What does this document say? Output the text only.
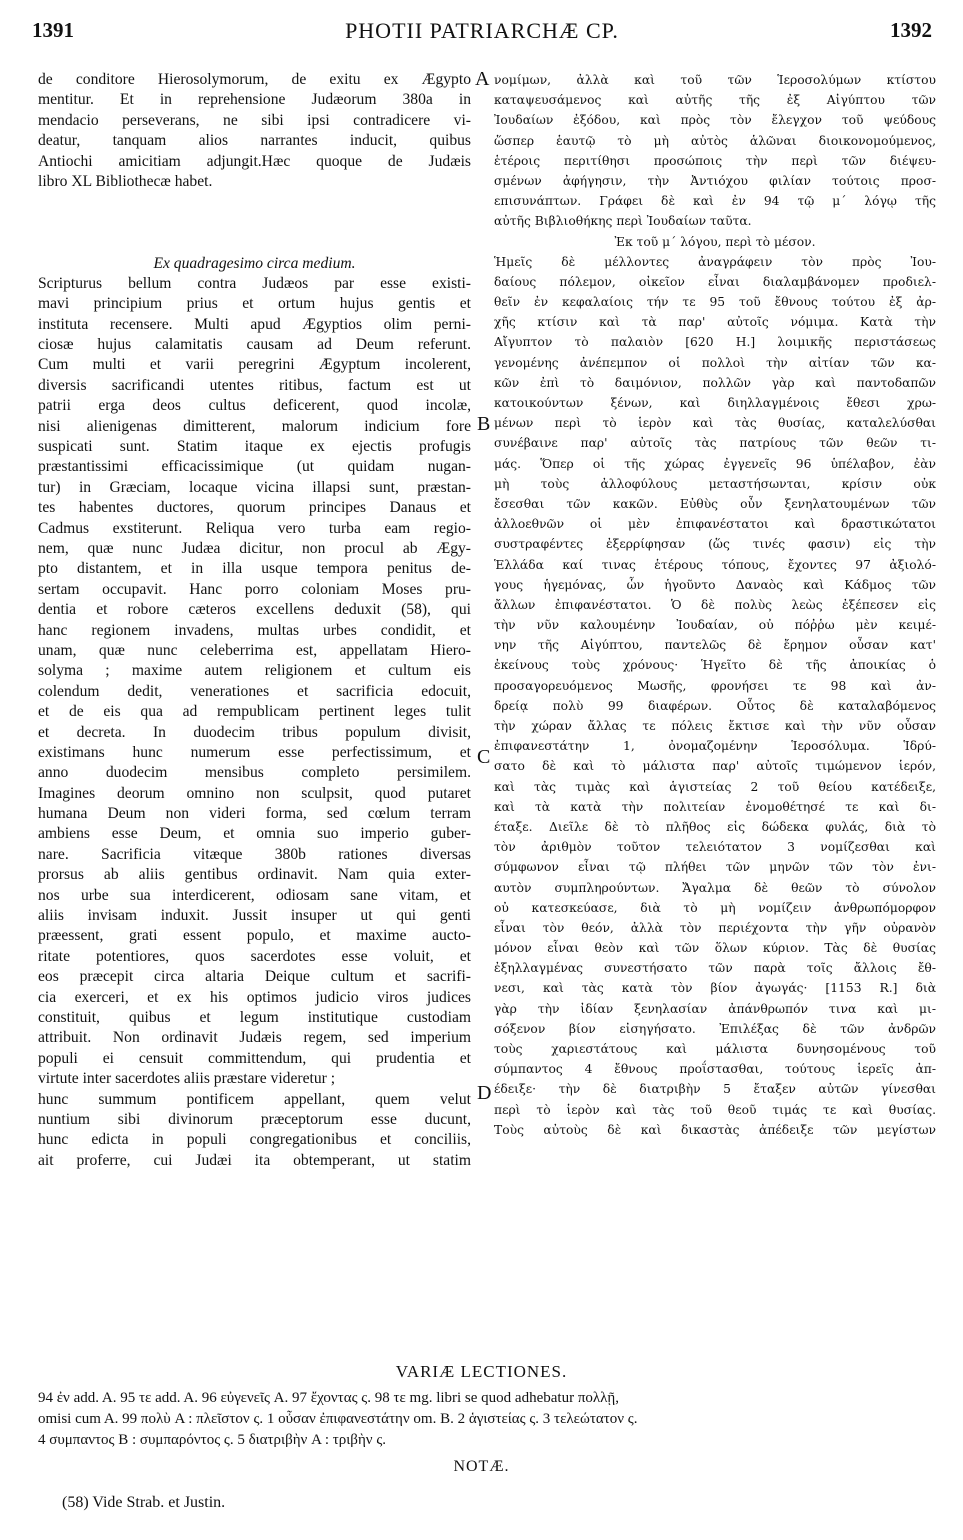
1391	PHOTII PATRIARCHÆ CP.	1392
de conditore Hierosolymorum, de exitu ex Ægypto
mentitur. Et in reprehensione Judæorum 380a in
mendacio perseverans, ne sibi ipsi contradicere vi-
deatur, tanquam alios narrantes inducit, quibus
Antiochi amicitiam adjungit.Hæc quoque de Judæis
libro XL Bibliothecæ habet.
Ex quadragesimo circa medium.
Scripturus bellum contra Judæos par esse existi-
mavi principium prius et ortum hujus gentis et
instituta recensere. Multi apud Ægyptios olim perni-
ciosæ hujus calamitatis causam ad Deum referunt.
Cum multi et varii peregrini Ægyptum incolerent,
diversis sacrificandi utentes ritibus, factum est ut
patrii erga deos cultus deficerent, quod incolæ,
nisi alienigenas dimitterent, malorum indicium fore
suspicati sunt. Statim itaque ex ejectis profugis
præstantissimi efficacissimique (ut quidam nugan-
tur) in Græciam, locaque vicina illapsi sunt, præstan-
tes habentes ductores, quorum principes Danaus et
Cadmus exstiterunt. Reliqua vero turba eam regio-
nem, quæ nunc Judæa dicitur, non procul ab Ægy-
pto distantem, et in illa usque tempora penitus de-
sertam occupavit. Hanc porro coloniam Moses pru-
dentia et robore cæteros excellens deduxit (58), qui
hanc regionem invadens, multas urbes condidit, et
unam, quæ nunc celeberrima est, appellatam Hiero-
solyma ; maxime autem religionem et cultum eis
colendum dedit, venerationes et sacrificia edocuit,
et de eis qua ad rempublicam pertinent leges tulit
et decreta. In duodecim tribus populum divisit,
existimans hunc numerum esse perfectissimum, et
anno duodecim mensibus completo persimilem.
Imagines deorum omnino non sculpsit, quod putaret
humana Deum non videri forma, sed cœlum terram
ambiens esse Deum, et omnia suo imperio guber-
nare. Sacrificia vitæque 380b rationes diversas
prorsus ab aliis gentibus ordinavit. Nam quia exter-
nos urbe sua interdicerent, odiosam sane vitam, et
aliis invisam induxit. Jussit insuper ut qui genti
præessent, grati essent populo, et maxime aucto-
ritate potentiores, quos sacerdotes esse voluit, et
eos præcepit circa altaria Deique cultum et sacrifi-
cia exerceri, et ex his optimos judicio viros judices
constituit, quibus et legum institutique custodiam
attribuit. Non ordinavit Judæis regem, sed imperium
populi ei censuit committendum, qui prudentia et
virtute inter sacerdotes aliis præstare videretur ;
hunc summum pontificem appellant, quem velut
nuntium sibi divinorum præceptorum esse ducunt,
hunc edicta in populi congregationibus et conciliis,
ait proferre, cui Judæi ita obtemperant, ut statim
νομίμων, ἀλλὰ καὶ τοῦ τῶν Ἱεροσολύμων κτίστου
καταψευσάμενος καὶ αὐτῆς τῆς ἐξ Αἰγύπτου τῶν
Ἰουδαίων ἐξόδου, καὶ πρὸς τὸν ἔλεγχον τοῦ ψεύδους
ὥσπερ ἑαυτῷ τὸ μὴ αὐτὸς ἁλῶναι διοικονομούμενος,
ἑτέροις περιτίθησι προσώποις τὴν περὶ τῶν διέψευ-
σμένων ἀφήγησιν, τὴν Ἀντιόχου φιλίαν τούτοις προσ-
επισυνάπτων. Γράφει δὲ καὶ ἐν 94 τῷ μ΄ λόγῳ τῆς
αὐτῆς Βιβλιοθήκης περὶ Ἰουδαίων ταῦτα.
Ἐκ τοῦ μ΄ λόγου, περὶ τὸ μέσον.
Ἡμεῖς δὲ μέλλοντες ἀναγράφειν τὸν πρὸς Ἰου-
δαίους πόλεμον, οἰκεῖον εἶναι διαλαμβάνομεν προδιελ-
θεῖν ἐν κεφαλαίοις τήν τε 95 τοῦ ἔθνους τούτου ἐξ ἀρ-
χῆς κτίσιν καὶ τὰ παρ' αὐτοῖς νόμιμα. Κατὰ τὴν
Αἴγυπτον τὸ παλαιὸν [620 H.] λοιμικῆς περιστάσεως
γενομένης ἀνέπεμπον οἱ πολλοὶ τὴν αἰτίαν τῶν κα-
κῶν ἐπὶ τὸ δαιμόνιον, πολλῶν γὰρ καὶ παντοδαπῶν
κατοικούντων ξένων, καὶ διηλλαγμένοις ἔθεσι χρω-
μένων περὶ τὸ ἱερὸν καὶ τὰς θυσίας, καταλελύσθαι
συνέβαινε παρ' αὐτοῖς τὰς πατρίους τῶν θεῶν τι-
μάς. Ὅπερ οἱ τῆς χώρας ἐγγενεῖς 96 ὑπέλαβον, ἐὰν
μὴ τοὺς ἀλλοφύλους μεταστήσωνται, κρίσιν οὐκ
ἔσεσθαι τῶν κακῶν. Εὐθὺς οὖν ξενηλατουμένων τῶν
ἀλλοεθνῶν οἱ μὲν ἐπιφανέστατοι καὶ δραστικώτατοι
συστραφέντες ἐξερρίφησαν (ὥς τινές φασιν) εἰς τὴν
Ἑλλάδα καί τινας ἑτέρους τόπους, ἔχοντες 97 ἀξιολό-
γους ἡγεμόνας, ὧν ἡγοῦντο Δαναὸς καὶ Κάδμος τῶν
ἄλλων ἐπιφανέστατοι. Ὁ δὲ πολὺς λεὼς ἐξέπεσεν εἰς
τὴν νῦν καλουμένην Ἰουδαίαν, οὐ πόῤῥω μὲν κειμέ-
νην τῆς Αἰγύπτου, παντελῶς δὲ ἔρημον οὖσαν κατ'
ἐκείνους τοὺς χρόνους· Ἡγεῖτο δὲ τῆς ἀποικίας ὁ
προσαγορευόμενος Μωσῆς, φρονήσει τε 98 καὶ ἀν-
δρείᾳ πολὺ 99 διαφέρων. Οὗτος δὲ καταλαβόμενος
τὴν χώραν ἄλλας τε πόλεις ἔκτισε καὶ τὴν νῦν οὖσαν
ἐπιφανεστάτην 1, ὀνομαζομένην Ἱεροσόλυμα. Ἱδρύ-
σατο δὲ καὶ τὸ μάλιστα παρ' αὐτοῖς τιμώμενον ἱερόν,
καὶ τὰς τιμὰς καὶ ἁγιστείας 2 τοῦ θείου κατέδειξε,
καὶ τὰ κατὰ τὴν πολιτείαν ἐνομοθέτησέ τε καὶ δι-
έταξε. Διεῖλε δὲ τὸ πλῆθος εἰς δώδεκα φυλάς, διὰ τὸ
τὸν ἀριθμὸν τοῦτον τελειότατον 3 νομίζεσθαι καὶ
σύμφωνον εἶναι τῷ πλήθει τῶν μηνῶν τῶν τὸν ἐνι-
αυτὸν συμπληρούντων. Ἄγαλμα δὲ θεῶν τὸ σύνολον
οὐ κατεσκεύασε, διὰ τὸ μὴ νομίζειν ἀνθρωπόμορφον
εἶναι τὸν θεόν, ἀλλὰ τὸν περιέχοντα τὴν γῆν οὐρανὸν
μόνον εἶναι θεὸν καὶ τῶν ὅλων κύριον. Τὰς δὲ θυσίας
ἐξηλλαγμένας συνεστήσατο τῶν παρὰ τοῖς ἄλλοις ἔθ-
νεσι, καὶ τὰς κατὰ τὸν βίον ἀγωγάς· [1153 R.] διὰ
γὰρ τὴν ἰδίαν ξενηλασίαν ἀπάνθρωπόν τινα καὶ μι-
σόξενον βίον εἰσηγήσατο. Ἐπιλέξας δὲ τῶν ἀνδρῶν
τοὺς χαριεστάτους καὶ μάλιστα δυνησομένους τοῦ
σύμπαντος 4 ἔθνους προΐστασθαι, τούτους ἱερεῖς ἀπ-
έδειξε· τὴν δὲ διατριβὴν 5 ἔταξεν αὐτῶν γίνεσθαι
περὶ τὸ ἱερὸν καὶ τὰς τοῦ θεοῦ τιμάς τε καὶ θυσίας.
Τοὺς αὐτοὺς δὲ καὶ δικαστὰς ἀπέδειξε τῶν μεγίστων
A
B
C
D
VARIÆ LECTIONES.
94 ἐν add. A. 95 τε add. A. 96 εὐγενεῖς A. 97 ἔχοντας ς. 98 τε mg. libri se quod adhebatur πολλῇ,
omisi cum A. 99 πολὺ A : πλεῖστον ς. 1 οὖσαν ἐπιφανεστάτην om. B. 2 ἁγιστείας ς. 3 τελεώτατον ς.
4 συμπαντος B : συμπαρόντος ς. 5 διατριβὴν A : τριβὴν ς.
NOTÆ.
(58) Vide Strab. et Justin.
